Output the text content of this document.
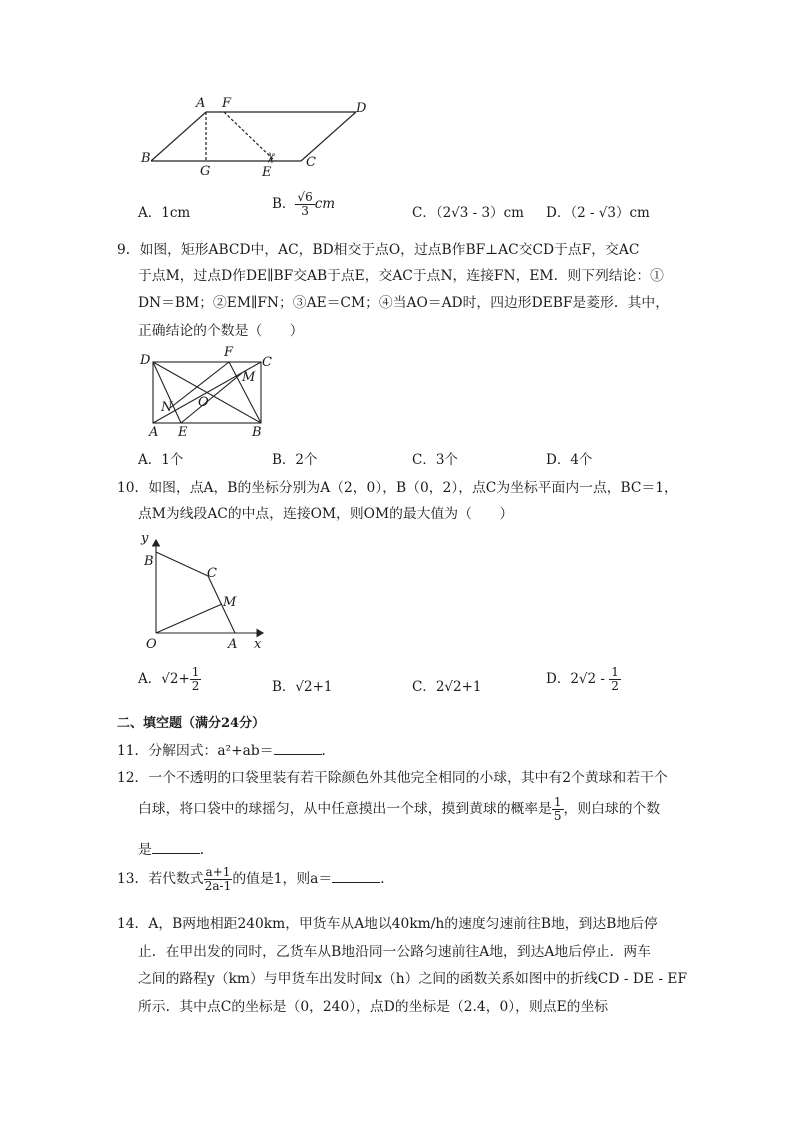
✂
A F	D
B
G	E
C
A．1cm
B． $\frac{√6}{3}$ cm
C．（2√3 - 3）cm D．（2 - √3）cm
9．如图，矩形ABCD中，AC，BD相交于点O，过点B作BF⊥AC交CD于点F，交AC
于点M，过点D作DE∥BF交AB于点E，交AC于点N，连接FN，EM．则下列结论：①
DN＝BM；②EM∥FN；③AE＝CM；④当AO＝AD时，四边形DEBF是菱形．其中，
正确结论的个数是（　　）
D
F
C
M
N O
A E	B
A．1个	B．2个	C．3个	D．4个
10．如图，点A，B的坐标分别为A（2，0），B（0，2），点C为坐标平面内一点，BC＝1，
点M为线段AC的中点，连接OM，则OM的最大值为（　　）
y
B
C
M
O	A x
A．$√2+ \frac{1}{2}$	B．√2+1	C．2√2+1	D．$2√2 - \frac{1}{2}$
二、填空题（满分24分）
11．分解因式：a²+ab＝	．
12．一个不透明的口袋里装有若干除颜色外其他完全相同的小球，其中有2个黄球和若干个
白球，将口袋中的球摇匀，从中任意摸出一个球，摸到黄球的概率是 $\frac{1}{5}$ ，则白球的个数
是	．
13．若代数式 $\frac{a+1}{2a-1}$ 的值是1，则a＝	．
14．A，B两地相距240km，甲货车从A地以40km/h的速度匀速前往B地，到达B地后停
止．在甲出发的同时，乙货车从B地沿同一公路匀速前往A地，到达A地后停止．两车
之间的路程y（km）与甲货车出发时间x（h）之间的函数关系如图中的折线CD - DE - EF
所示．其中点C的坐标是（0，240），点D的坐标是（2.4，0），则点E的坐标
